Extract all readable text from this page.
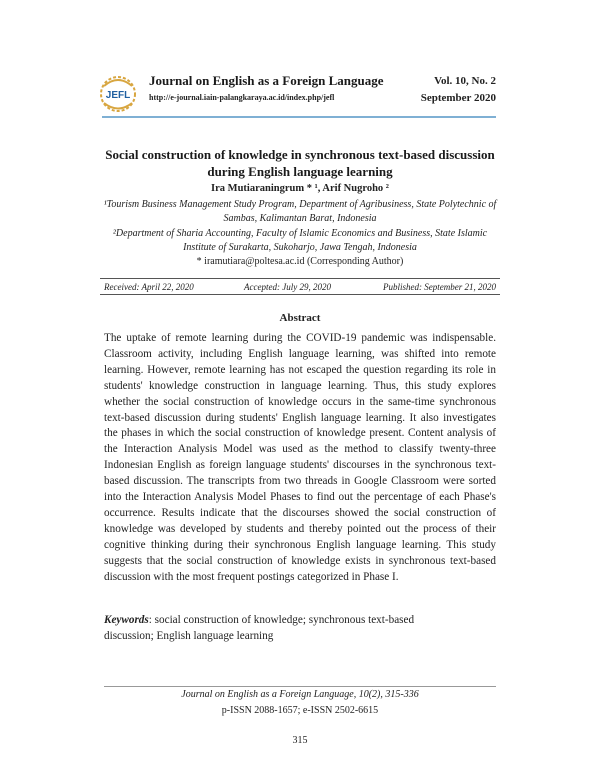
JEFL
Journal on English as a Foreign Language
http://e-journal.iain-palangkaraya.ac.id/index.php/jefl
Vol. 10, No. 2
September 2020
Social construction of knowledge in synchronous text-based discussion during English language learning
Ira Mutiaraningrum * ¹, Arif Nugroho ²
¹Tourism Business Management Study Program, Department of Agribusiness, State Polytechnic of Sambas, Kalimantan Barat, Indonesia
²Department of Sharia Accounting, Faculty of Islamic Economics and Business, State Islamic Institute of Surakarta, Sukoharjo, Jawa Tengah, Indonesia
* iramutiara@poltesa.ac.id (Corresponding Author)
Received: April 22, 2020	Accepted: July 29, 2020	Published: September 21, 2020
Abstract
The uptake of remote learning during the COVID-19 pandemic was indispensable. Classroom activity, including English language learning, was shifted into remote learning. However, remote learning has not escaped the question regarding its role in students' knowledge construction in language learning. Thus, this study explores whether the social construction of knowledge occurs in the same-time synchronous text-based discussion during students' English language learning. It also investigates the phases in which the social construction of knowledge present. Content analysis of the Interaction Analysis Model was used as the method to classify twenty-three Indonesian English as foreign language students' discourses in the synchronous text-based discussion. The transcripts from two threads in Google Classroom were sorted into the Interaction Analysis Model Phases to find out the percentage of each Phase's occurrence. Results indicate that the discourses showed the social construction of knowledge was developed by students and thereby pointed out the process of their cognitive thinking during their synchronous English language learning. This study suggests that the social construction of knowledge exists in synchronous text-based discussion with the most frequent postings categorized in Phase I.
Keywords: social construction of knowledge; synchronous text-based discussion; English language learning
Journal on English as a Foreign Language, 10(2), 315-336
p-ISSN 2088-1657; e-ISSN 2502-6615
315
